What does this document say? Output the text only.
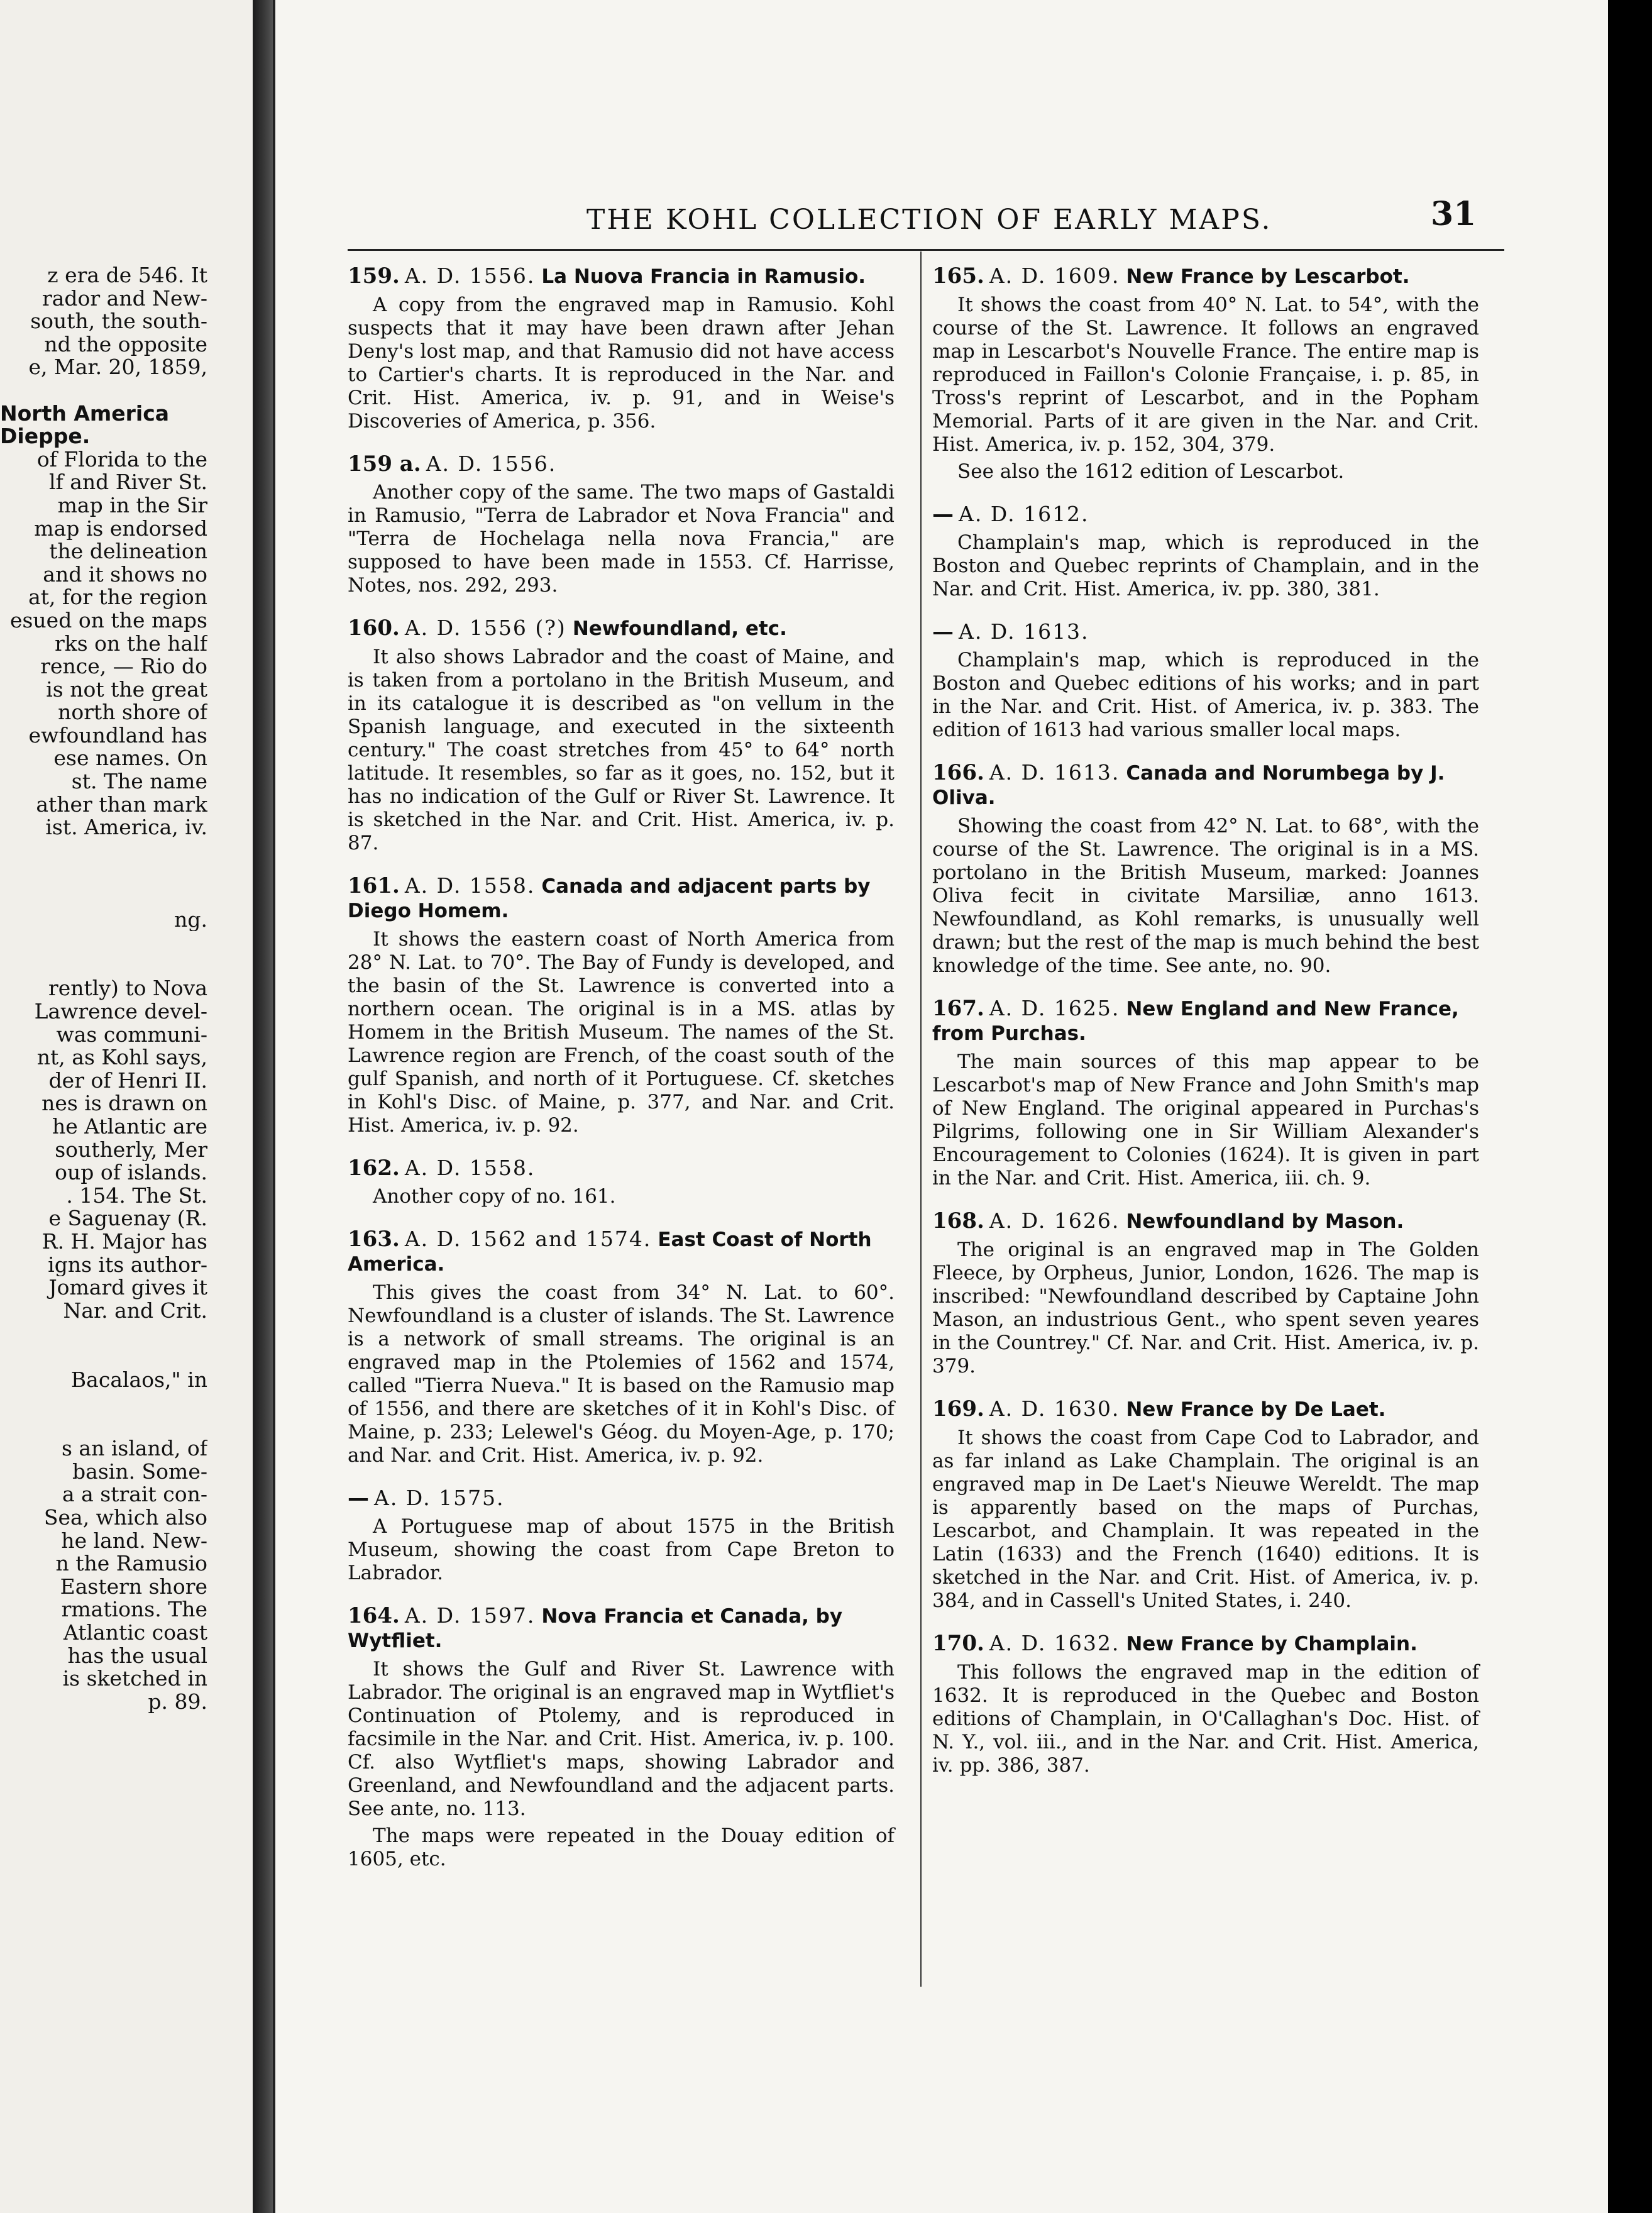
z era de 546. It
rador and New-
south, the south-
nd the opposite
e, Mar. 20, 1859,

North America
Dieppe.
of Florida to the
lf and River St.
map in the Sir
map is endorsed
the delineation
and it shows no
at, for the region
esued on the maps
rks on the half
rence, — Rio do
is not the great
north shore of
ewfoundland has
ese names. On
st. The name
ather than mark
ist. America, iv.

ng.

rently) to Nova
Lawrence devel-
was communi-
nt, as Kohl says,
der of Henri II.
nes is drawn on
he Atlantic are
southerly, Mer
oup of islands.
. 154. The St.
e Saguenay (R.
R. H. Major has
igns its author-
Jomard gives it
Nar. and Crit.

Bacalaos," in

s an island, of
basin. Some-
a a strait con-
Sea, which also
he land. New-
n the Ramusio
Eastern shore
rmations. The
Atlantic coast
has the usual
is sketched in
p. 89.
THE KOHL COLLECTION OF EARLY MAPS.	31
159. A. D. 1556. La Nuova Francia in Ramusio.

A copy from the engraved map in Ramusio. Kohl suspects that it may have been drawn after Jehan Deny's lost map, and that Ramusio did not have access to Cartier's charts. It is reproduced in the Nar. and Crit. Hist. America, iv. p. 91, and in Weise's Discoveries of America, p. 356.

159 a. A. D. 1556.

Another copy of the same. The two maps of Gastaldi in Ramusio, "Terra de Labrador et Nova Francia" and "Terra de Hochelaga nella nova Francia," are supposed to have been made in 1553. Cf. Harrisse, Notes, nos. 292, 293.

160. A. D. 1556 (?) Newfoundland, etc.

It also shows Labrador and the coast of Maine, and is taken from a portolano in the British Museum, and in its catalogue it is described as "on vellum in the Spanish language, and executed in the sixteenth century." The coast stretches from 45° to 64° north latitude. It resembles, so far as it goes, no. 152, but it has no indication of the Gulf or River St. Lawrence. It is sketched in the Nar. and Crit. Hist. America, iv. p. 87.

161. A. D. 1558. Canada and adjacent parts by Diego Homem.

It shows the eastern coast of North America from 28° N. Lat. to 70°. The Bay of Fundy is developed, and the basin of the St. Lawrence is converted into a northern ocean. The original is in a MS. atlas by Homem in the British Museum. The names of the St. Lawrence region are French, of the coast south of the gulf Spanish, and north of it Portuguese. Cf. sketches in Kohl's Disc. of Maine, p. 377, and Nar. and Crit. Hist. America, iv. p. 92.

162. A. D. 1558.

Another copy of no. 161.

163. A. D. 1562 and 1574. East Coast of North America.

This gives the coast from 34° N. Lat. to 60°. Newfoundland is a cluster of islands. The St. Lawrence is a network of small streams. The original is an engraved map in the Ptolemies of 1562 and 1574, called "Tierra Nueva." It is based on the Ramusio map of 1556, and there are sketches of it in Kohl's Disc. of Maine, p. 233; Lelewel's Géog. du Moyen-Age, p. 170; and Nar. and Crit. Hist. America, iv. p. 92.

— A. D. 1575.

A Portuguese map of about 1575 in the British Museum, showing the coast from Cape Breton to Labrador.

164. A. D. 1597. Nova Francia et Canada, by Wytfliet.

It shows the Gulf and River St. Lawrence with Labrador. The original is an engraved map in Wytfliet's Continuation of Ptolemy, and is reproduced in facsimile in the Nar. and Crit. Hist. America, iv. p. 100. Cf. also Wytfliet's maps, showing Labrador and Greenland, and Newfoundland and the adjacent parts. See ante, no. 113.

The maps were repeated in the Douay edition of 1605, etc.

165. A. D. 1609. New France by Lescarbot.

It shows the coast from 40° N. Lat. to 54°, with the course of the St. Lawrence. It follows an engraved map in Lescarbot's Nouvelle France. The entire map is reproduced in Faillon's Colonie Française, i. p. 85, in Tross's reprint of Lescarbot, and in the Popham Memorial. Parts of it are given in the Nar. and Crit. Hist. America, iv. p. 152, 304, 379.

See also the 1612 edition of Lescarbot.

— A. D. 1612.

Champlain's map, which is reproduced in the Boston and Quebec reprints of Champlain, and in the Nar. and Crit. Hist. America, iv. pp. 380, 381.

— A. D. 1613.

Champlain's map, which is reproduced in the Boston and Quebec editions of his works; and in part in the Nar. and Crit. Hist. of America, iv. p. 383. The edition of 1613 had various smaller local maps.

166. A. D. 1613. Canada and Norumbega by J. Oliva.

Showing the coast from 42° N. Lat. to 68°, with the course of the St. Lawrence. The original is in a MS. portolano in the British Museum, marked: Joannes Oliva fecit in civitate Marsiliæ, anno 1613. Newfoundland, as Kohl remarks, is unusually well drawn; but the rest of the map is much behind the best knowledge of the time. See ante, no. 90.

167. A. D. 1625. New England and New France, from Purchas.

The main sources of this map appear to be Lescarbot's map of New France and John Smith's map of New England. The original appeared in Purchas's Pilgrims, following one in Sir William Alexander's Encouragement to Colonies (1624). It is given in part in the Nar. and Crit. Hist. America, iii. ch. 9.

168. A. D. 1626. Newfoundland by Mason.

The original is an engraved map in The Golden Fleece, by Orpheus, Junior, London, 1626. The map is inscribed: "Newfoundland described by Captaine John Mason, an industrious Gent., who spent seven yeares in the Countrey." Cf. Nar. and Crit. Hist. America, iv. p. 379.

169. A. D. 1630. New France by De Laet.

It shows the coast from Cape Cod to Labrador, and as far inland as Lake Champlain. The original is an engraved map in De Laet's Nieuwe Wereldt. The map is apparently based on the maps of Purchas, Lescarbot, and Champlain. It was repeated in the Latin (1633) and the French (1640) editions. It is sketched in the Nar. and Crit. Hist. of America, iv. p. 384, and in Cassell's United States, i. 240.

170. A. D. 1632. New France by Champlain.

This follows the engraved map in the edition of 1632. It is reproduced in the Quebec and Boston editions of Champlain, in O'Callaghan's Doc. Hist. of N. Y., vol. iii., and in the Nar. and Crit. Hist. America, iv. pp. 386, 387.
